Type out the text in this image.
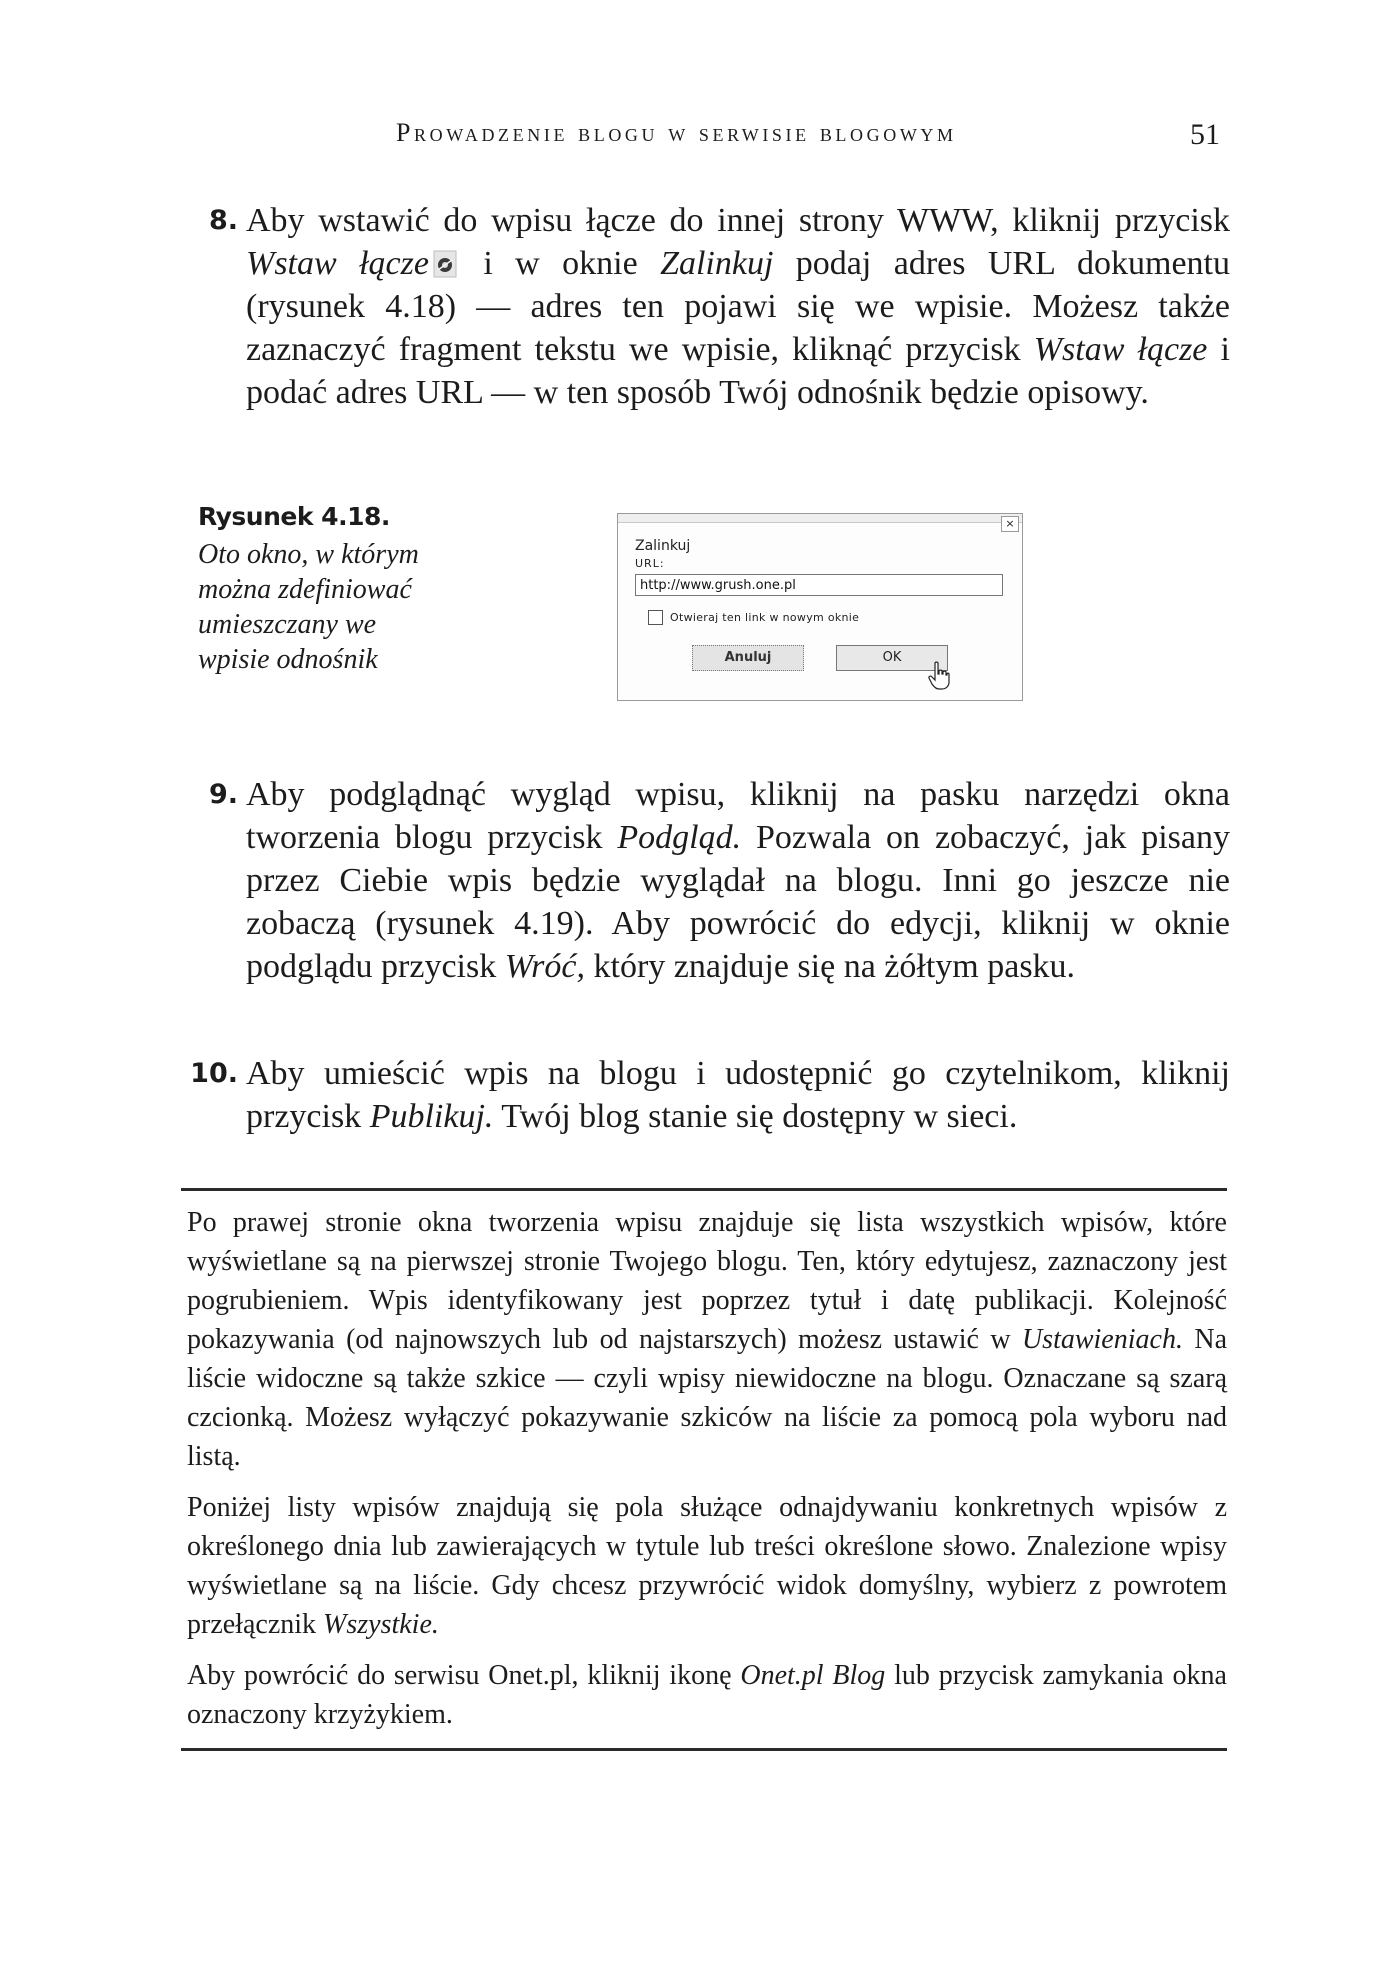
Prowadzenie blogu w serwisie blogowym	51
8. Aby wstawić do wpisu łącze do innej strony WWW, kliknij przycisk Wstaw łącze i w oknie Zalinkuj podaj adres URL dokumentu (rysunek 4.18) — adres ten pojawi się we wpisie. Możesz także zaznaczyć fragment tekstu we wpisie, kliknąć przycisk Wstaw łącze i podać adres URL — w ten sposób Twój odnośnik będzie opisowy.
Rysunek 4.18.
Oto okno, w którym można zdefiniować umieszczany we wpisie odnośnik
×
Zalinkuj
URL:
http://www.grush.one.pl
Otwieraj ten link w nowym oknie
Anuluj	OK
9. Aby podglądnąć wygląd wpisu, kliknij na pasku narzędzi okna tworzenia blogu przycisk Podgląd. Pozwala on zobaczyć, jak pisany przez Ciebie wpis będzie wyglądał na blogu. Inni go jeszcze nie zobaczą (rysunek 4.19). Aby powrócić do edycji, kliknij w oknie podglądu przycisk Wróć, który znajduje się na żółtym pasku.
10. Aby umieścić wpis na blogu i udostępnić go czytelnikom, kliknij przycisk Publikuj. Twój blog stanie się dostępny w sieci.

Po prawej stronie okna tworzenia wpisu znajduje się lista wszystkich wpisów, które wyświetlane są na pierwszej stronie Twojego blogu. Ten, który edytujesz, zaznaczony jest pogrubieniem. Wpis identyfikowany jest poprzez tytuł i datę publikacji. Kolejność pokazywania (od najnowszych lub od najstarszych) możesz ustawić w Ustawieniach. Na liście widoczne są także szkice — czyli wpisy niewidoczne na blogu. Oznaczane są szarą czcionką. Możesz wyłączyć pokazywanie szkiców na liście za pomocą pola wyboru nad listą.

Poniżej listy wpisów znajdują się pola służące odnajdywaniu konkretnych wpisów z określonego dnia lub zawierających w tytule lub treści określone słowo. Znalezione wpisy wyświetlane są na liście. Gdy chcesz przywrócić widok domyślny, wybierz z powrotem przełącznik Wszystkie.

Aby powrócić do serwisu Onet.pl, kliknij ikonę Onet.pl Blog lub przycisk zamykania okna oznaczony krzyżykiem.
